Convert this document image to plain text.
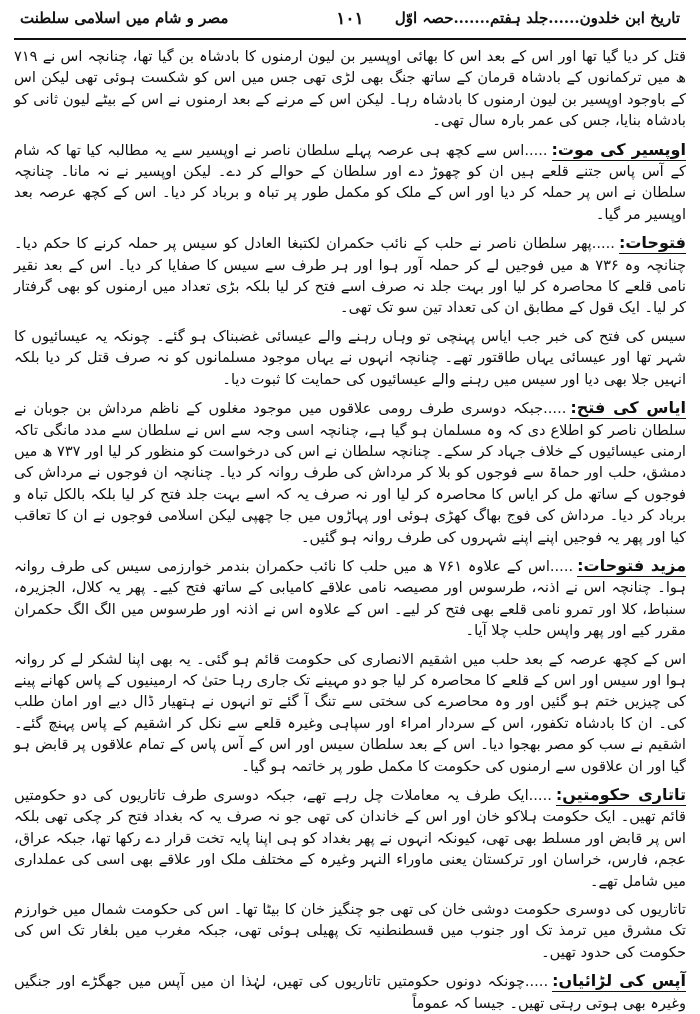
تاریخ ابن خلدون......جلد ہفتم.......حصہ اوّل
۱۰۱
مصر و شام میں اسلامی سلطنت

قتل کر دیا گیا تھا اور اس کے بعد اس کا بھائی اوپسیر بن لیون ارمنوں کا بادشاہ بن گیا تھا، چنانچہ اس نے ۷۱۹ ھ میں ترکمانوں کے بادشاہ قرمان کے ساتھ جنگ بھی لڑی تھی جس میں اس کو شکست ہوئی تھی لیکن اس کے باوجود اوپسیر بن لیون ارمنوں کا بادشاہ رہا۔ لیکن اس کے مرنے کے بعد ارمنوں نے اس کے بیٹے لیون ثانی کو بادشاہ بنایا، جس کی عمر بارہ سال تھی۔

اوپسیر کی موت:.....اس سے کچھ ہی عرصہ پہلے سلطان ناصر نے اوپسیر سے یہ مطالبہ کیا تھا کہ شام کے آس پاس جتنے قلعے ہیں ان کو چھوڑ دے اور سلطان کے حوالے کر دے۔ لیکن اوپسیر نے نہ مانا۔ چنانچہ سلطان نے اس پر حملہ کر دیا اور اس کے ملک کو مکمل طور پر تباہ و برباد کر دیا۔ اس کے کچھ عرصہ بعد اوپسیر مر گیا۔

فتوحات:.....پھر سلطان ناصر نے حلب کے نائب حکمران لکتبغا العادل کو سیس پر حملہ کرنے کا حکم دیا۔ چنانچہ وہ ۷۳۶ ھ میں فوجیں لے کر حملہ آور ہوا اور ہر طرف سے سیس کا صفایا کر دیا۔ اس کے بعد نقیر نامی قلعے کا محاصرہ کر لیا اور بہت جلد نہ صرف اسے فتح کر لیا بلکہ بڑی تعداد میں ارمنوں کو بھی گرفتار کر لیا۔ ایک قول کے مطابق ان کی تعداد تین سو تک تھی۔

سیس کی فتح کی خبر جب ایاس پہنچی تو وہاں رہنے والے عیسائی غضبناک ہو گئے۔ چونکہ یہ عیسائیوں کا شہر تھا اور عیسائی یہاں طاقتور تھے۔ چنانچہ انہوں نے یہاں موجود مسلمانوں کو نہ صرف قتل کر دیا بلکہ انہیں جلا بھی دیا اور سیس میں رہنے والے عیسائیوں کی حمایت کا ثبوت دیا۔

ایاس کی فتح:.....جبکہ دوسری طرف رومی علاقوں میں موجود مغلوں کے ناظم مرداش بن جوبان نے سلطان ناصر کو اطلاع دی کہ وہ مسلمان ہو گیا ہے، چنانچہ اسی وجہ سے اس نے سلطان سے مدد مانگی تاکہ ارمنی عیسائیوں کے خلاف جہاد کر سکے۔ چنانچہ سلطان نے اس کی درخواست کو منظور کر لیا اور ۷۳۷ ھ میں دمشق، حلب اور حماۃ سے فوجوں کو بلا کر مرداش کی طرف روانہ کر دیا۔ چنانچہ ان فوجوں نے مرداش کی فوجوں کے ساتھ مل کر ایاس کا محاصرہ کر لیا اور نہ صرف یہ کہ اسے بہت جلد فتح کر لیا بلکہ بالکل تباہ و برباد کر دیا۔ مرداش کی فوج بھاگ کھڑی ہوئی اور پہاڑوں میں جا چھپی لیکن اسلامی فوجوں نے ان کا تعاقب کیا اور پھر یہ فوجیں اپنے اپنے شہروں کی طرف روانہ ہو گئیں۔

مزید فتوحات:.....اس کے علاوہ ۷۶۱ ھ میں حلب کا نائب حکمران بندمر خوارزمی سیس کی طرف روانہ ہوا۔ چنانچہ اس نے اذنہ، طرسوس اور مصیصہ نامی علاقے کامیابی کے ساتھ فتح کیے۔ پھر یہ کلال، الجزیرہ، سنباط، کلا اور تمرو نامی قلعے بھی فتح کر لیے۔ اس کے علاوہ اس نے اذنہ اور طرسوس میں الگ الگ حکمران مقرر کیے اور پھر واپس حلب چلا آیا۔

اس کے کچھ عرصہ کے بعد حلب میں اشقیم الانصاری کی حکومت قائم ہو گئی۔ یہ بھی اپنا لشکر لے کر روانہ ہوا اور سیس اور اس کے قلعے کا محاصرہ کر لیا جو دو مہینے تک جاری رہا حتیٰ کہ ارمینیوں کے پاس کھانے پینے کی چیزیں ختم ہو گئیں اور وہ محاصرے کی سختی سے تنگ آ گئے تو انہوں نے ہتھیار ڈال دیے اور امان طلب کی۔ ان کا بادشاہ تکفور، اس کے سردار امراء اور سپاہی وغیرہ قلعے سے نکل کر اشقیم کے پاس پہنچ گئے۔ اشقیم نے سب کو مصر بھجوا دیا۔ اس کے بعد سلطان سیس اور اس کے آس پاس کے تمام علاقوں پر قابض ہو گیا اور ان علاقوں سے ارمنوں کی حکومت کا مکمل طور پر خاتمہ ہو گیا۔

تاتاری حکومتیں:.....ایک طرف یہ معاملات چل رہے تھے، جبکہ دوسری طرف تاتاریوں کی دو حکومتیں قائم تھیں۔ ایک حکومت ہلاکو خان اور اس کے خاندان کی تھی جو نہ صرف یہ کہ بغداد فتح کر چکی تھی بلکہ اس پر قابض اور مسلط بھی تھی، کیونکہ انہوں نے پھر بغداد کو ہی اپنا پایہ تخت قرار دے رکھا تھا، جبکہ عراق، عجم، فارس، خراسان اور ترکستان یعنی ماوراء النہر وغیرہ کے مختلف ملک اور علاقے بھی اسی کی عملداری میں شامل تھے۔

تاتاریوں کی دوسری حکومت دوشی خان کی تھی جو چنگیز خان کا بیٹا تھا۔ اس کی حکومت شمال میں خوارزم تک مشرق میں ترمذ تک اور جنوب میں قسطنطنیہ تک پھیلی ہوئی تھی، جبکہ مغرب میں بلغار تک اس کی حکومت کی حدود تھیں۔

آپس کی لڑائیاں:.....چونکہ دونوں حکومتیں تاتاریوں کی تھیں، لہٰذا ان میں آپس میں جھگڑے اور جنگیں وغیرہ بھی ہوتی رہتی تھیں۔ جیسا کہ عموماً
